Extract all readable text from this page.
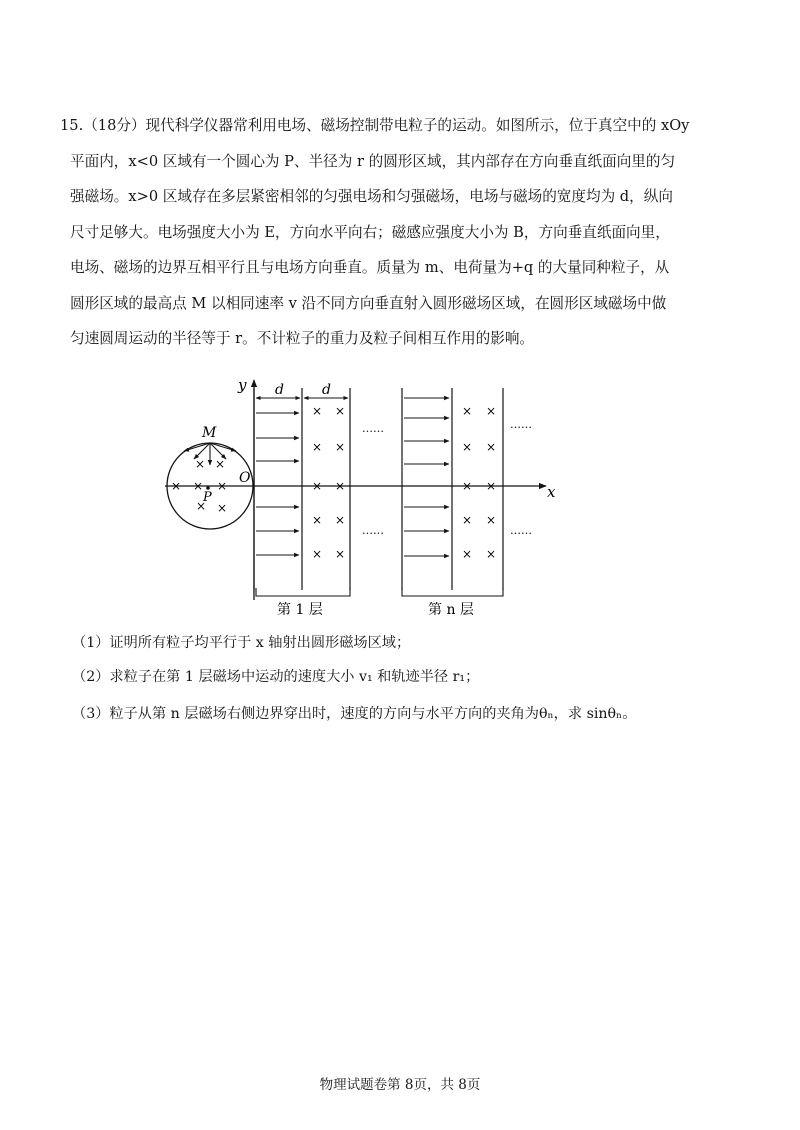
15.（18分）现代科学仪器常利用电场、磁场控制带电粒子的运动。如图所示，位于真空中的 xOy
平面内，x<0 区域有一个圆心为 P、半径为 r 的圆形区域，其内部存在方向垂直纸面向里的匀
强磁场。x>0 区域存在多层紧密相邻的匀强电场和匀强磁场，电场与磁场的宽度均为 d，纵向
尺寸足够大。电场强度大小为 E，方向水平向右；磁感应强度大小为 B，方向垂直纸面向里，
电场、磁场的边界互相平行且与电场方向垂直。质量为 m、电荷量为+q 的大量同种粒子，从
圆形区域的最高点 M 以相同速率 v 沿不同方向垂直射入圆形磁场区域，在圆形区域磁场中做
匀速圆周运动的半径等于 r。不计粒子的重力及粒子间相互作用的影响。
x
y
O
M
P
× ×
× × ×
× ×
d	d
× ×
× ×
× ×
× ×
× ×
……
……
……
……
× ×
× ×
× ×
× ×
× ×
第 1 层	第 n 层
（1）证明所有粒子均平行于 x 轴射出圆形磁场区域；
（2）求粒子在第 1 层磁场中运动的速度大小 v₁ 和轨迹半径 r₁；
（3）粒子从第 n 层磁场右侧边界穿出时，速度的方向与水平方向的夹角为θₙ，求 sinθₙ。
物理试题卷第 8页，共 8页
